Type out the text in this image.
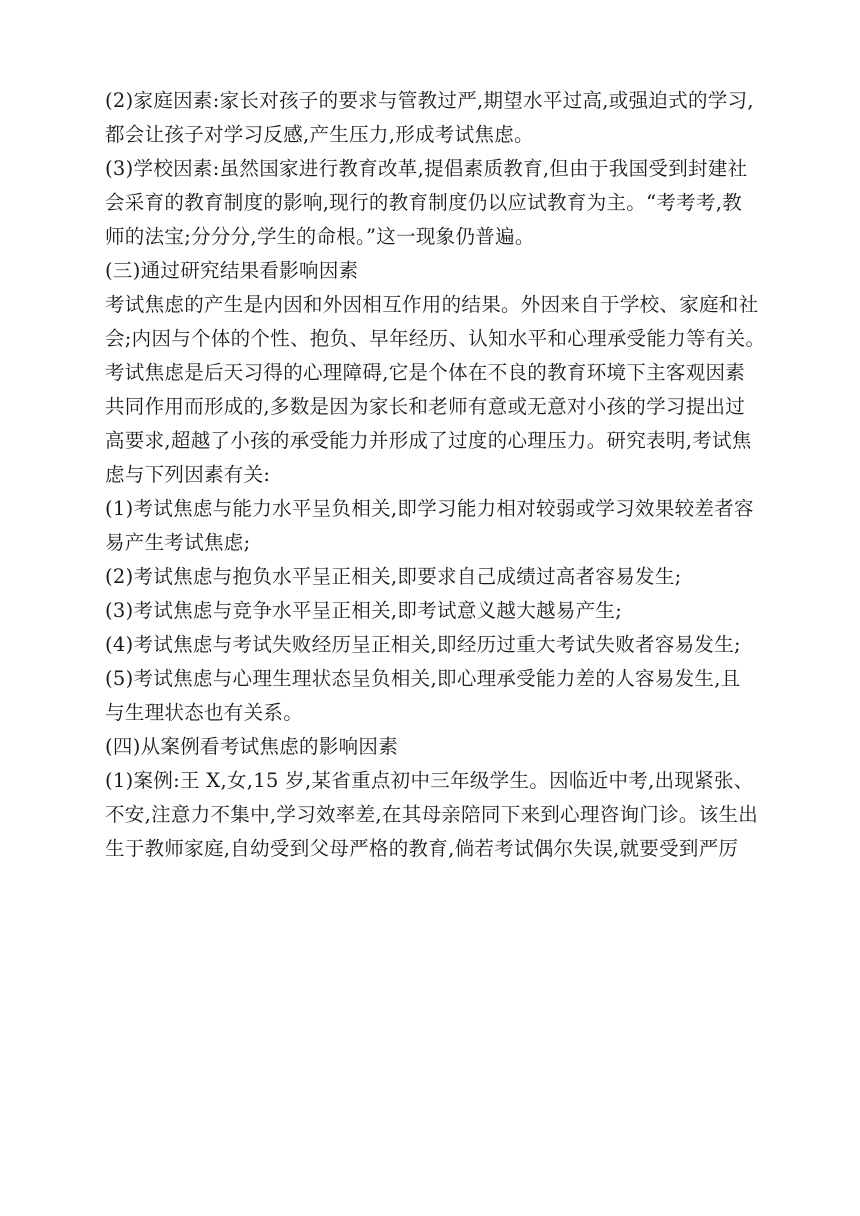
(2)家庭因素:家长对孩子的要求与管教过严,期望水平过高,或强迫式的学习,
都会让孩子对学习反感,产生压力,形成考试焦虑。
(3)学校因素:虽然国家进行教育改革,提倡素质教育,但由于我国受到封建社
会采育的教育制度的影响,现行的教育制度仍以应试教育为主。“考考考,教
师的法宝;分分分,学生的命根。”这一现象仍普遍。
(三)通过研究结果看影响因素
考试焦虑的产生是内因和外因相互作用的结果。外因来自于学校、家庭和社
会;内因与个体的个性、抱负、早年经历、认知水平和心理承受能力等有关。
考试焦虑是后天习得的心理障碍,它是个体在不良的教育环境下主客观因素
共同作用而形成的,多数是因为家长和老师有意或无意对小孩的学习提出过
高要求,超越了小孩的承受能力并形成了过度的心理压力。研究表明,考试焦
虑与下列因素有关:
(1)考试焦虑与能力水平呈负相关,即学习能力相对较弱或学习效果较差者容
易产生考试焦虑;
(2)考试焦虑与抱负水平呈正相关,即要求自己成绩过高者容易发生;
(3)考试焦虑与竞争水平呈正相关,即考试意义越大越易产生;
(4)考试焦虑与考试失败经历呈正相关,即经历过重大考试失败者容易发生;
(5)考试焦虑与心理生理状态呈负相关,即心理承受能力差的人容易发生,且
与生理状态也有关系。
(四)从案例看考试焦虑的影响因素
(1)案例:王 X,女,15 岁,某省重点初中三年级学生。因临近中考,出现紧张、
不安,注意力不集中,学习效率差,在其母亲陪同下来到心理咨询门诊。该生出
生于教师家庭,自幼受到父母严格的教育,倘若考试偶尔失误,就要受到严厉
